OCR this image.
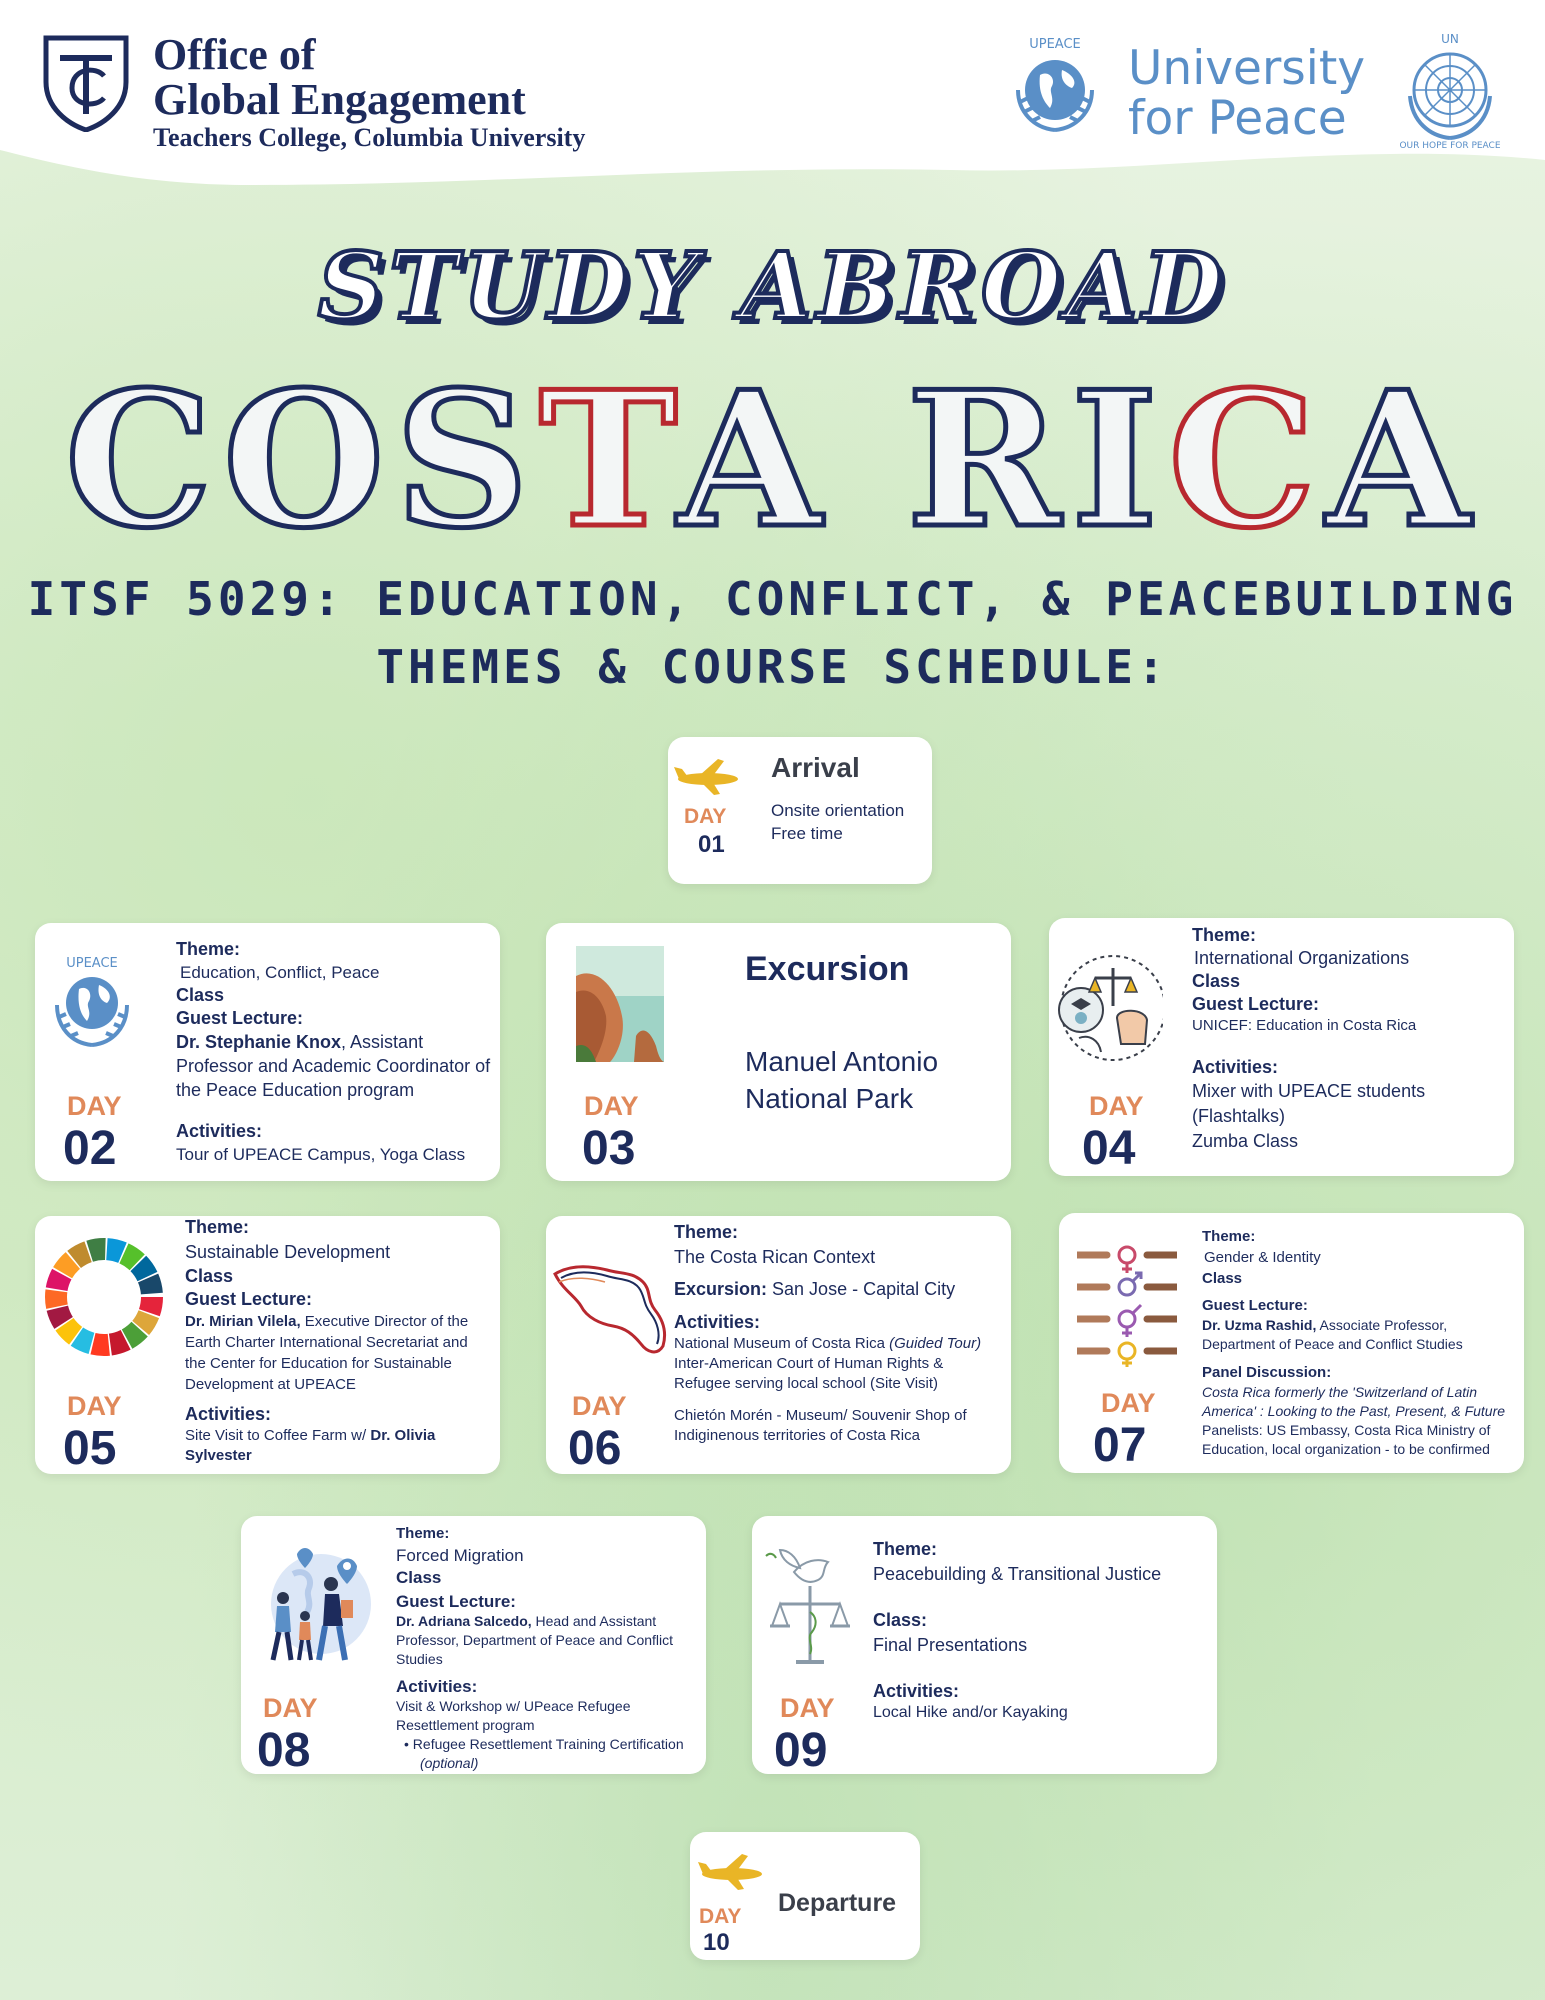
Office of
Global Engagement
Teachers College, Columbia University
UPEACE University
for Peace
UN
OUR HOPE FOR PEACE
STUDY ABROAD
COSTA RICA
ITSF 5029: EDUCATION, CONFLICT, & PEACEBUILDING
THEMES & COURSE SCHEDULE:
DAY
01
Arrival
Onsite orientation
Free time
UPEACE
DAY
02
Theme:
Education, Conflict, Peace
Class
Guest Lecture:
Dr. Stephanie Knox, Assistant Professor and Academic Coordinator of the Peace Education program
Activities:
Tour of UPEACE Campus, Yoga Class
DAY
03
Excursion
Manuel Antonio
National Park	DAY
04
Theme:
International Organizations
Class
Guest Lecture:
UNICEF: Education in Costa Rica
Activities:
Mixer with UPEACE students
(Flashtalks)
Zumba Class
DAY
05
Theme:
Sustainable Development
Class
Guest Lecture:
Dr. Mirian Vilela, Executive Director of the Earth Charter International Secretariat and the Center for Education for Sustainable Development at UPEACE
Activities:
Site Visit to Coffee Farm w/ Dr. Olivia Sylvester
DAY
06
Theme:
The Costa Rican Context
Excursion: San Jose - Capital City
Activities:
National Museum of Costa Rica (Guided Tour)
Inter-American Court of Human Rights &
Refugee serving local school (Site Visit)
Chietón Morén - Museum/ Souvenir Shop of Indiginenous territories of Costa Rica
DAY
07
Theme:
Gender & Identity
Class
Guest Lecture:
Dr. Uzma Rashid, Associate Professor, Department of Peace and Conflict Studies
Panel Discussion:
Costa Rica formerly the 'Switzerland of Latin America' : Looking to the Past, Present, & Future
Panelists: US Embassy, Costa Rica Ministry of Education, local organization - to be confirmed
DAY
08
Theme:
Forced Migration
Class
Guest Lecture:
Dr. Adriana Salcedo, Head and Assistant Professor, Department of Peace and Conflict Studies
Activities:
Visit & Workshop w/ UPeace Refugee Resettlement program
• Refugee Resettlement Training Certification
(optional)
DAY
09
Theme:
Peacebuilding & Transitional Justice
Class:
Final Presentations
Activities:
Local Hike and/or Kayaking
DAY
10
Departure
